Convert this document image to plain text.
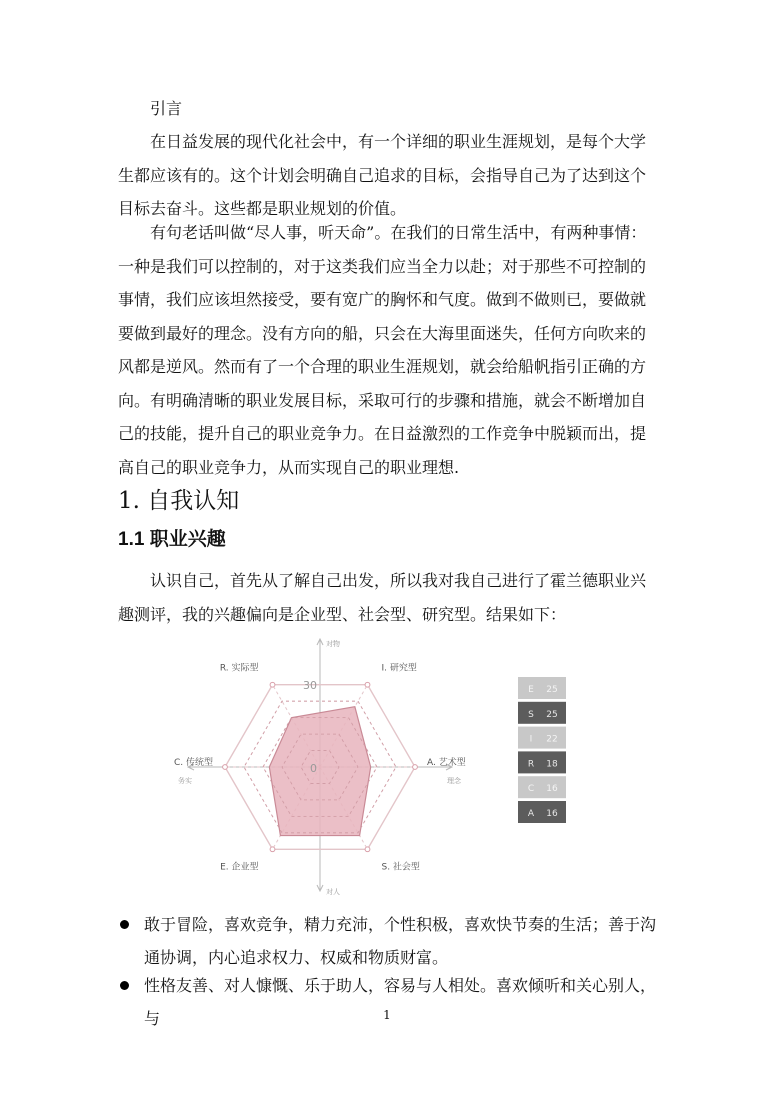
引言
在日益发展的现代化社会中，有一个详细的职业生涯规划，是每个大学生都应该有的。这个计划会明确自己追求的目标，会指导自己为了达到这个目标去奋斗。这些都是职业规划的价值。
有句老话叫做“尽人事，听天命”。在我们的日常生活中，有两种事情：一种是我们可以控制的，对于这类我们应当全力以赴；对于那些不可控制的事情，我们应该坦然接受，要有宽广的胸怀和气度。做到不做则已，要做就要做到最好的理念。没有方向的船，只会在大海里面迷失，任何方向吹来的风都是逆风。然而有了一个合理的职业生涯规划，就会给船帆指引正确的方向。有明确清晰的职业发展目标，采取可行的步骤和措施，就会不断增加自己的技能，提升自己的职业竞争力。在日益激烈的工作竞争中脱颖而出，提高自己的职业竞争力，从而实现自己的职业理想.
1. 自我认知
1.1 职业兴趣
认识自己，首先从了解自己出发，所以我对我自己进行了霍兰德职业兴趣测评，我的兴趣偏向是企业型、社会型、研究型。结果如下：
I. 研究型
A. 艺术型
S. 社会型
E. 企业型
C. 传统型
R. 实际型
30
0
对物
对人
务实	理念
E 25
S 25
I 22
R 18
C 16
A 16
敢于冒险，喜欢竞争，精力充沛，个性积极，喜欢快节奏的生活；善于沟通协调，内心追求权力、权威和物质财富。
性格友善、对人慷慨、乐于助人，容易与人相处。喜欢倾听和关心别人，与	1
